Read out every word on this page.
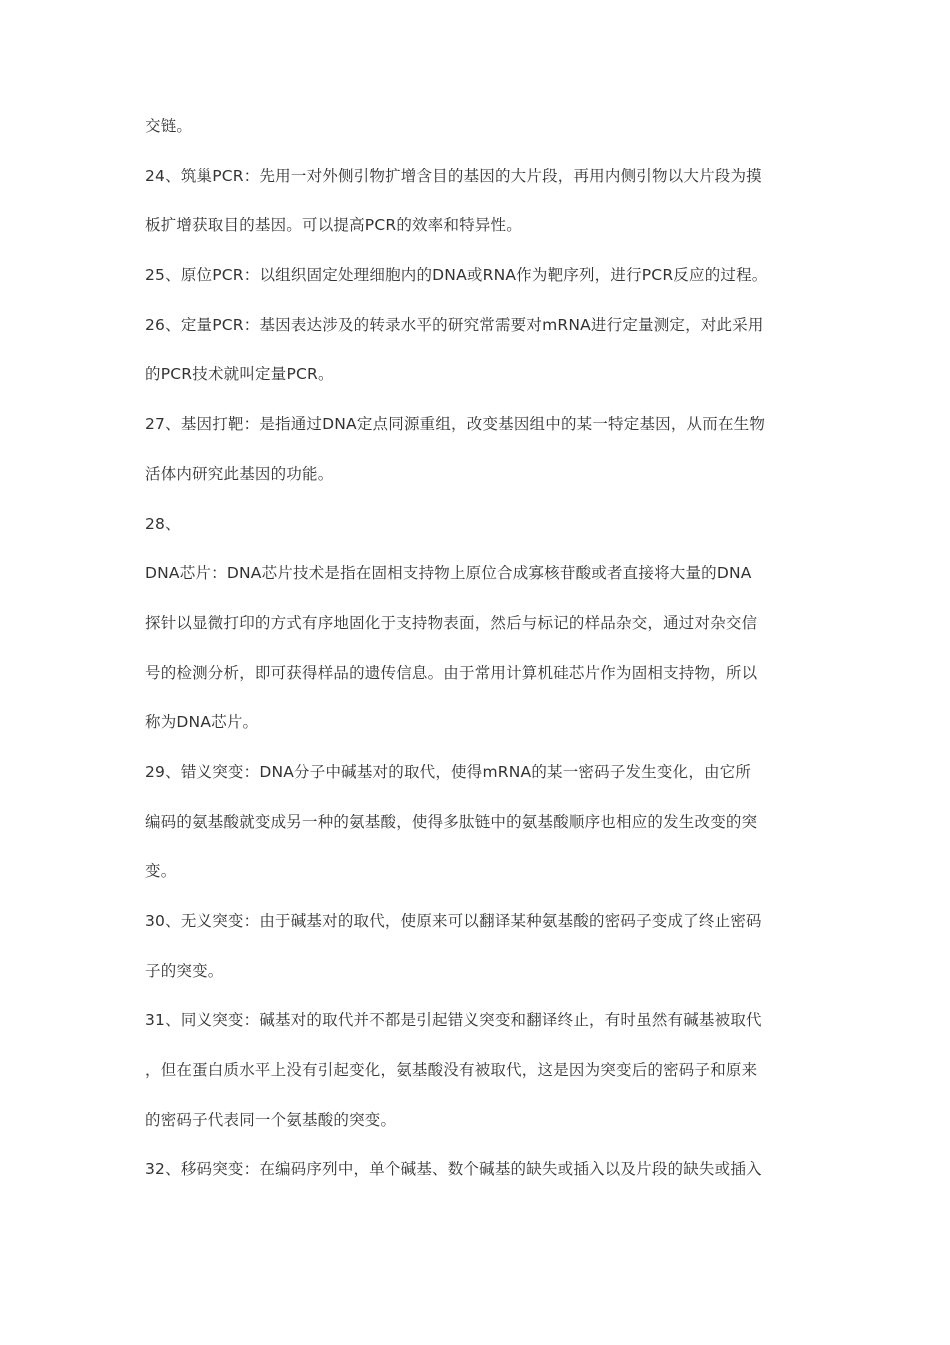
交链。
24、筑巢PCR：先用一对外侧引物扩增含目的基因的大片段，再用内侧引物以大片段为摸
板扩增获取目的基因。可以提高PCR的效率和特异性。
25、原位PCR：以组织固定处理细胞内的DNA或RNA作为靶序列，进行PCR反应的过程。
26、定量PCR：基因表达涉及的转录水平的研究常需要对mRNA进行定量测定，对此采用
的PCR技术就叫定量PCR。
27、基因打靶：是指通过DNA定点同源重组，改变基因组中的某一特定基因，从而在生物
活体内研究此基因的功能。
28、
DNA芯片：DNA芯片技术是指在固相支持物上原位合成寡核苷酸或者直接将大量的DNA
探针以显微打印的方式有序地固化于支持物表面，然后与标记的样品杂交，通过对杂交信
号的检测分析，即可获得样品的遗传信息。由于常用计算机硅芯片作为固相支持物，所以
称为DNA芯片。
29、错义突变：DNA分子中碱基对的取代，使得mRNA的某一密码子发生变化，由它所
编码的氨基酸就变成另一种的氨基酸，使得多肽链中的氨基酸顺序也相应的发生改变的突
变。
30、无义突变：由于碱基对的取代，使原来可以翻译某种氨基酸的密码子变成了终止密码
子的突变。
31、同义突变：碱基对的取代并不都是引起错义突变和翻译终止，有时虽然有碱基被取代
，但在蛋白质水平上没有引起变化，氨基酸没有被取代，这是因为突变后的密码子和原来
的密码子代表同一个氨基酸的突变。
32、移码突变：在编码序列中，单个碱基、数个碱基的缺失或插入以及片段的缺失或插入
